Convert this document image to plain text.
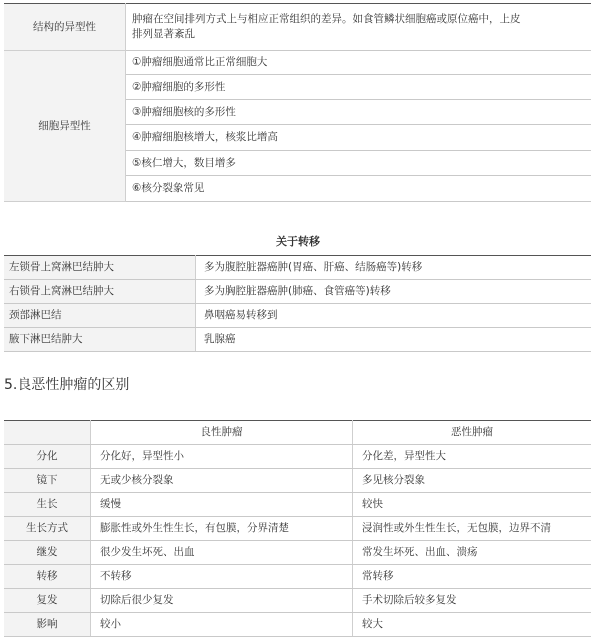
结构的异型性	肿瘤在空间排列方式上与相应正常组织的差异。如食管鳞状细胞癌或原位癌中，上皮
排列显著紊乱

细胞异型性	①肿瘤细胞通常比正常细胞大
	②肿瘤细胞的多形性
	③肿瘤细胞核的多形性
	④肿瘤细胞核增大，核浆比增高
	⑤核仁增大，数目增多
	⑥核分裂象常见
关于转移
左锁骨上窝淋巴结肿大	多为腹腔脏器癌肿(胃癌、肝癌、结肠癌等)转移
右锁骨上窝淋巴结肿大	多为胸腔脏器癌肿(肺癌、食管癌等)转移
颈部淋巴结	鼻咽癌易转移到
腋下淋巴结肿大	乳腺癌
5.良恶性肿瘤的区别
	良性肿瘤	恶性肿瘤
分化	分化好，异型性小	分化差，异型性大
镜下	无或少核分裂象	多见核分裂象
生长	缓慢	较快
生长方式	膨胀性或外生性生长，有包膜，分界清楚	浸润性或外生性生长，无包膜，边界不清
继发	很少发生坏死、出血	常发生坏死、出血、溃疡
转移	不转移	常转移
复发	切除后很少复发	手术切除后较多复发
影响	较小	较大
